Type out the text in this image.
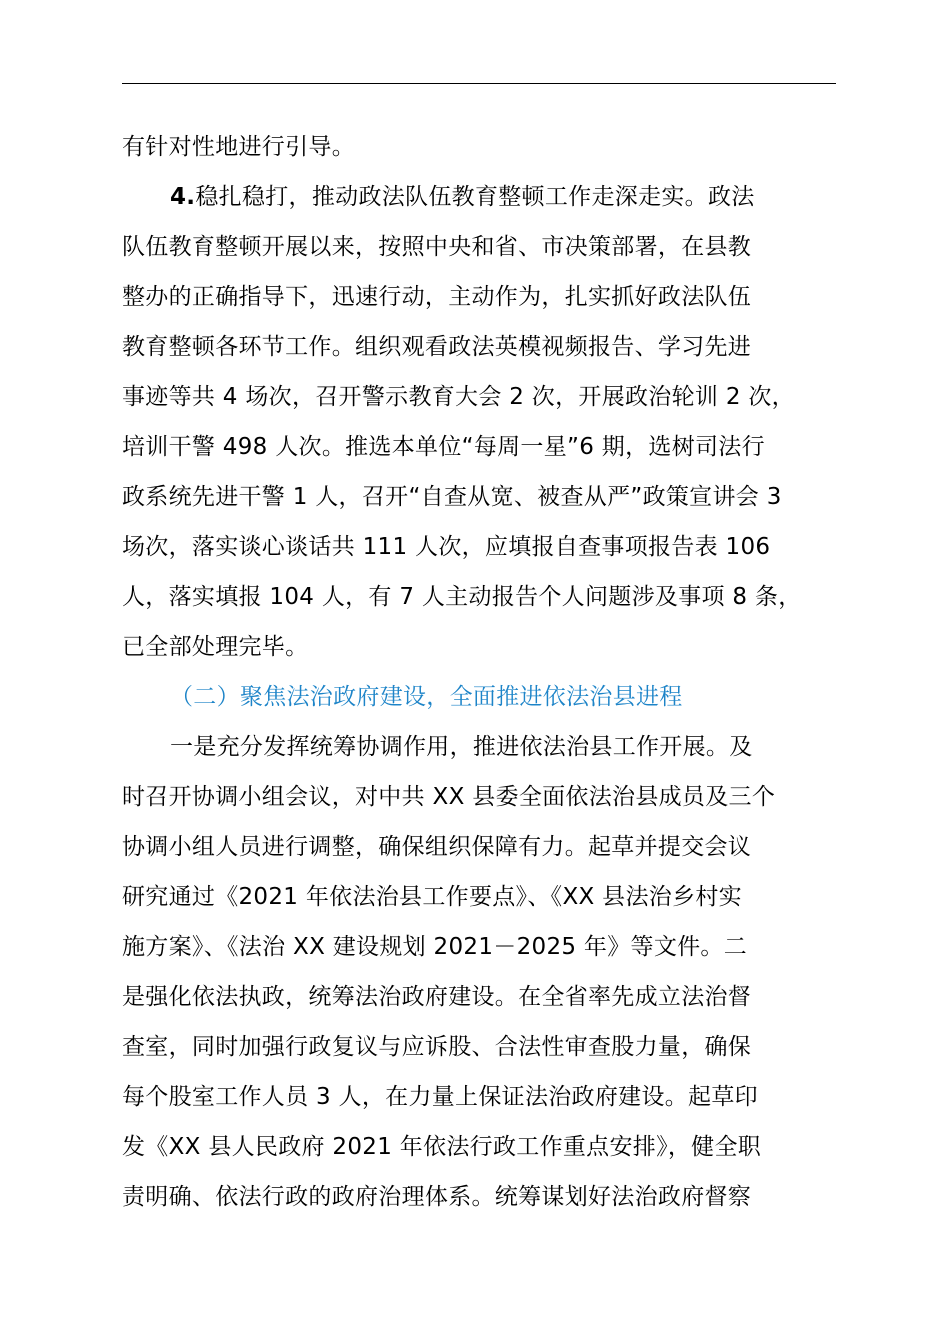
有针对性地进行引导。
4.稳扎稳打，推动政法队伍教育整顿工作走深走实。政法
队伍教育整顿开展以来，按照中央和省、市决策部署，在县教
整办的正确指导下，迅速行动，主动作为，扎实抓好政法队伍
教育整顿各环节工作。组织观看政法英模视频报告、学习先进
事迹等共 4 场次，召开警示教育大会 2 次，开展政治轮训 2 次，
培训干警 498 人次。推选本单位“每周一星”6 期，选树司法行
政系统先进干警 1 人，召开“自查从宽、被查从严”政策宣讲会 3
场次，落实谈心谈话共 111 人次，应填报自查事项报告表 106
人，落实填报 104 人，有 7 人主动报告个人问题涉及事项 8 条，
已全部处理完毕。
（二）聚焦法治政府建设，全面推进依法治县进程
一是充分发挥统筹协调作用，推进依法治县工作开展。及
时召开协调小组会议，对中共 XX 县委全面依法治县成员及三个
协调小组人员进行调整，确保组织保障有力。起草并提交会议
研究通过《2021 年依法治县工作要点》、《XX 县法治乡村实
施方案》、《法治 XX 建设规划 2021－2025 年》等文件。二
是强化依法执政，统筹法治政府建设。在全省率先成立法治督
查室，同时加强行政复议与应诉股、合法性审查股力量，确保
每个股室工作人员 3 人，在力量上保证法治政府建设。起草印
发《XX 县人民政府 2021 年依法行政工作重点安排》，健全职
责明确、依法行政的政府治理体系。统筹谋划好法治政府督察
